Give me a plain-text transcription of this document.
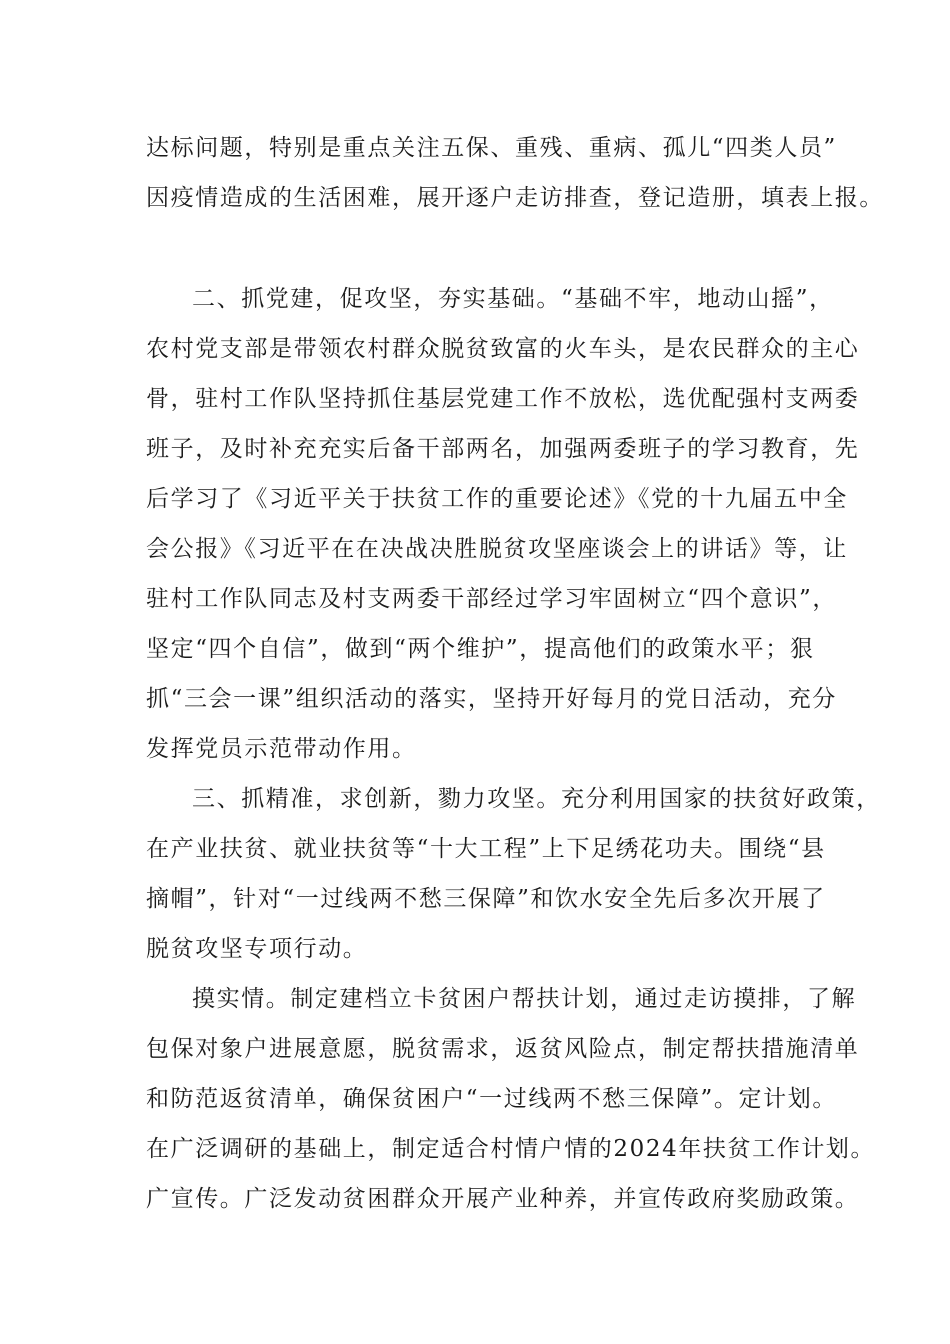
达标问题，特别是重点关注五保、重残、重病、孤儿“四类人员”
因疫情造成的生活困难，展开逐户走访排查，登记造册，填表上报。
二、抓党建，促攻坚，夯实基础。“基础不牢，地动山摇”，
农村党支部是带领农村群众脱贫致富的火车头，是农民群众的主心
骨，驻村工作队坚持抓住基层党建工作不放松，选优配强村支两委
班子，及时补充充实后备干部两名，加强两委班子的学习教育，先
后学习了《习近平关于扶贫工作的重要论述》《党的十九届五中全
会公报》《习近平在在决战决胜脱贫攻坚座谈会上的讲话》等，让
驻村工作队同志及村支两委干部经过学习牢固树立“四个意识”，
坚定“四个自信”，做到“两个维护”，提高他们的政策水平；狠
抓“三会一课”组织活动的落实，坚持开好每月的党日活动，充分
发挥党员示范带动作用。
三、抓精准，求创新，勠力攻坚。充分利用国家的扶贫好政策，
在产业扶贫、就业扶贫等“十大工程”上下足绣花功夫。围绕“县
摘帽”，针对“一过线两不愁三保障”和饮水安全先后多次开展了
脱贫攻坚专项行动。
摸实情。制定建档立卡贫困户帮扶计划，通过走访摸排，了解
包保对象户进展意愿，脱贫需求，返贫风险点，制定帮扶措施清单
和防范返贫清单，确保贫困户“一过线两不愁三保障”。定计划。
在广泛调研的基础上，制定适合村情户情的2024年扶贫工作计划。
广宣传。广泛发动贫困群众开展产业种养，并宣传政府奖励政策。
